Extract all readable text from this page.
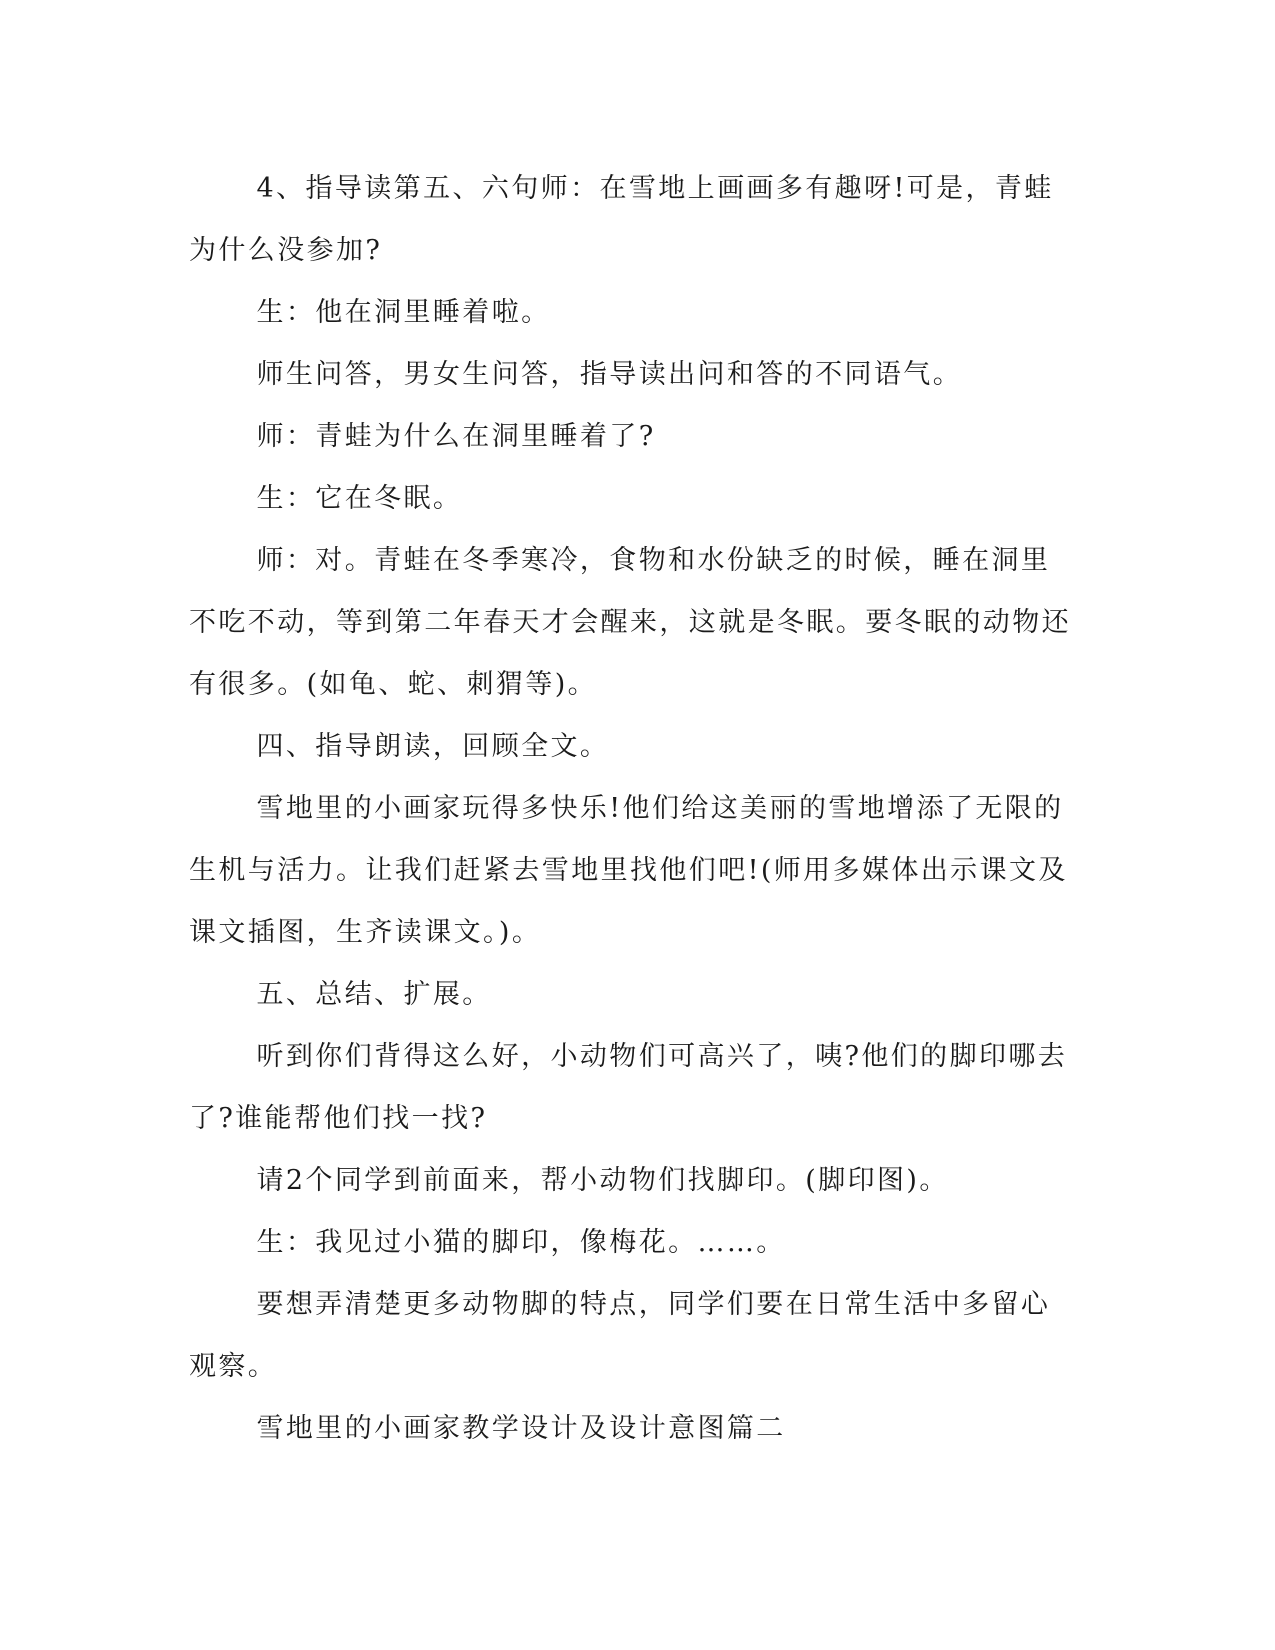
4、指导读第五、六句师：在雪地上画画多有趣呀!可是，青蛙为什么没参加?

生：他在洞里睡着啦。

师生问答，男女生问答，指导读出问和答的不同语气。

师：青蛙为什么在洞里睡着了?

生：它在冬眠。

师：对。青蛙在冬季寒冷，食物和水份缺乏的时候，睡在洞里不吃不动，等到第二年春天才会醒来，这就是冬眠。要冬眠的动物还有很多。(如龟、蛇、刺猬等)。

四、指导朗读，回顾全文。

雪地里的小画家玩得多快乐!他们给这美丽的雪地增添了无限的生机与活力。让我们赶紧去雪地里找他们吧!(师用多媒体出示课文及课文插图，生齐读课文。)。

五、总结、扩展。

听到你们背得这么好，小动物们可高兴了，咦?他们的脚印哪去了?谁能帮他们找一找?

请2个同学到前面来，帮小动物们找脚印。(脚印图)。

生：我见过小猫的脚印，像梅花。……。

要想弄清楚更多动物脚的特点，同学们要在日常生活中多留心观察。

雪地里的小画家教学设计及设计意图篇二
